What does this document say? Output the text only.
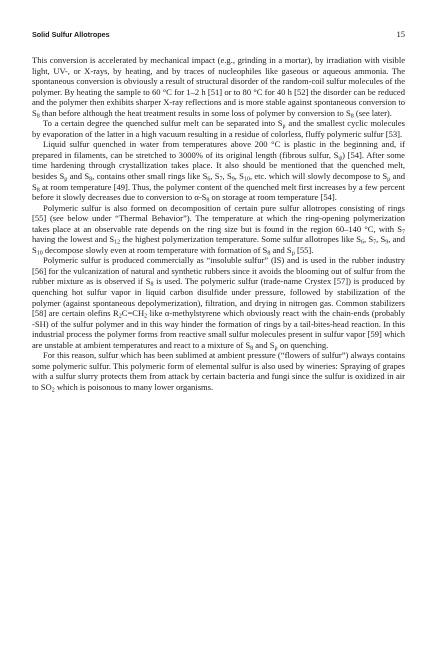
Solid Sulfur Allotropes	15

This conversion is accelerated by mechanical impact (e.g., grinding in a mortar), by irradiation with visible light, UV-, or X-rays, by heating, and by traces of nucleophiles like gaseous or aqueous ammonia. The spontaneous conversion is obviously a result of structural disorder of the random-coil sulfur molecules of the polymer. By heating the sample to 60 °C for 1–2 h [51] or to 80 °C for 40 h [52] the disorder can be reduced and the polymer then exhibits sharper X-ray reflections and is more stable against spontaneous conversion to $S_8$ than before although the heat treatment results in some loss of polymer by conversion to $S_8$ (see later).

To a certain degree the quenched sulfur melt can be separated into $S_\mu$ and the smallest cyclic molecules by evaporation of the latter in a high vacuum resulting in a residue of colorless, fluffy polymeric sulfur [53].

Liquid sulfur quenched in water from temperatures above 200 °C is plastic in the beginning and, if prepared in filaments, can be stretched to 3000% of its original length (fibrous sulfur, $S_\psi$) [54]. After some time hardening through crystallization takes place. It also should be mentioned that the quenched melt, besides $S_\mu$ and $S_8$, contains other small rings like $S_6$, $S_7$, $S_9$, $S_{10}$, etc. which will slowly decompose to $S_\mu$ and $S_8$ at room temperature [49]. Thus, the polymer content of the quenched melt first increases by a few percent before it slowly decreases due to conversion to $\alpha-S_8$ on storage at room temperature [54].

Polymeric sulfur is also formed on decomposition of certain pure sulfur allotropes consisting of rings [55] (see below under “Thermal Behavior”). The temperature at which the ring-opening polymerization takes place at an observable rate depends on the ring size but is found in the region 60–140 °C, with $S_7$ having the lowest and $S_{12}$ the highest polymerization temperature. Some sulfur allotropes like $S_6$, $S_7$, $S_9$, and $S_{10}$ decompose slowly even at room temperature with formation of $S_8$ and $S_\mu$ [55].

Polymeric sulfur is produced commercially as “insoluble sulfur” (IS) and is used in the rubber industry [56] for the vulcanization of natural and synthetic rubbers since it avoids the blooming out of sulfur from the rubber mixture as is observed if $S_8$ is used. The polymeric sulfur (trade-name Crystex [57]) is produced by quenching hot sulfur vapor in liquid carbon disulfide under pressure, followed by stabilization of the polymer (against spontaneous depolymerization), filtration, and drying in nitrogen gas. Common stabilizers [58] are certain olefins $R_2C=CH_2$ like α-methylstyrene which obviously react with the chain-ends (probably -SH) of the sulfur polymer and in this way hinder the formation of rings by a tail-bites-head reaction. In this industrial process the polymer forms from reactive small sulfur molecules present in sulfur vapor [59] which are unstable at ambient temperatures and react to a mixture of $S_8$ and $S_\mu$ on quenching.

For this reason, sulfur which has been sublimed at ambient pressure (“flowers of sulfur”) always contains some polymeric sulfur. This polymeric form of elemental sulfur is also used by wineries: Spraying of grapes with a sulfur slurry protects them from attack by certain bacteria and fungi since the sulfur is oxidized in air to $SO_2$ which is poisonous to many lower organisms.
